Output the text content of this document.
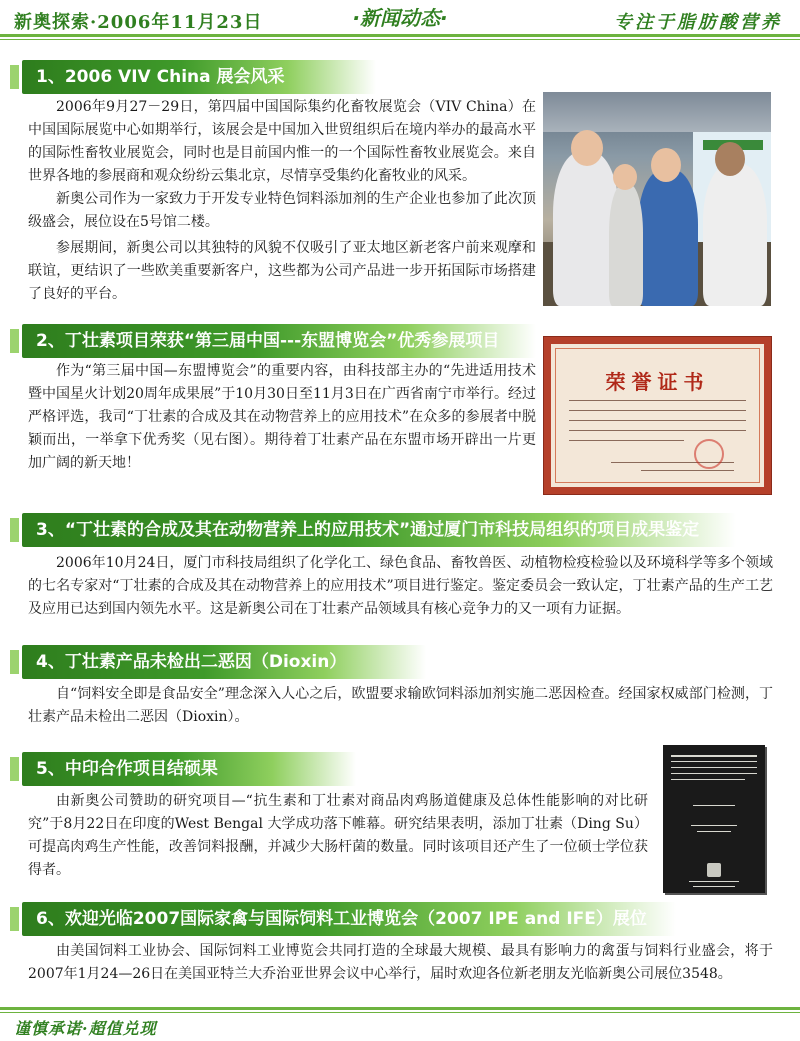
新奥探索·2006年11月23日	·新闻动态·	专注于脂肪酸营养
1、2006 VIV China 展会风采

2006年9月27－29日，第四届中国国际集约化畜牧展览会（VIV China）在中国国际展览中心如期举行，该展会是中国加入世贸组织后在境内举办的最高水平的国际性畜牧业展览会，同时也是目前国内惟一的一个国际性畜牧业展览会。来自世界各地的参展商和观众纷纷云集北京，尽情享受集约化畜牧业的风采。

新奥公司作为一家致力于开发专业特色饲料添加剂的生产企业也参加了此次顶级盛会，展位设在5号馆二楼。

参展期间，新奥公司以其独特的风貌不仅吸引了亚太地区新老客户前来观摩和联谊，更结识了一些欧美重要新客户，这些都为公司产品进一步开拓国际市场搭建了良好的平台。

2、丁壮素项目荣获“第三届中国---东盟博览会”优秀参展项目

作为“第三届中国—东盟博览会”的重要内容，由科技部主办的“先进适用技术暨中国星火计划20周年成果展”于10月30日至11月3日在广西省南宁市举行。经过严格评选，我司“丁壮素的合成及其在动物营养上的应用技术”在众多的参展者中脱颖而出，一举拿下优秀奖（见右图）。期待着丁壮素产品在东盟市场开辟出一片更加广阔的新天地！

荣誉证书
3、“丁壮素的合成及其在动物营养上的应用技术”通过厦门市科技局组织的项目成果鉴定

2006年10月24日，厦门市科技局组织了化学化工、绿色食品、畜牧兽医、动植物检疫检验以及环境科学等多个领域的七名专家对“丁壮素的合成及其在动物营养上的应用技术”项目进行鉴定。鉴定委员会一致认定，丁壮素产品的生产工艺及应用已达到国内领先水平。这是新奥公司在丁壮素产品领域具有核心竞争力的又一项有力证据。

4、丁壮素产品未检出二恶因（Dioxin）

自“饲料安全即是食品安全”理念深入人心之后，欧盟要求输欧饲料添加剂实施二恶因检查。经国家权威部门检测，丁壮素产品未检出二恶因（Dioxin）。

5、中印合作项目结硕果

由新奥公司赞助的研究项目—“抗生素和丁壮素对商品肉鸡肠道健康及总体性能影响的对比研究”于8月22日在印度的West Bengal 大学成功落下帷幕。研究结果表明，添加丁壮素（Ding Su）可提高肉鸡生产性能，改善饲料报酬，并减少大肠杆菌的数量。同时该项目还产生了一位硕士学位获得者。

6、欢迎光临2007国际家禽与国际饲料工业博览会（2007 IPE and IFE）展位

由美国饲料工业协会、国际饲料工业博览会共同打造的全球最大规模、最具有影响力的禽蛋与饲料行业盛会，将于2007年1月24—26日在美国亚特兰大乔治亚世界会议中心举行，届时欢迎各位新老朋友光临新奥公司展位3548。

谨慎承诺·超值兑现
